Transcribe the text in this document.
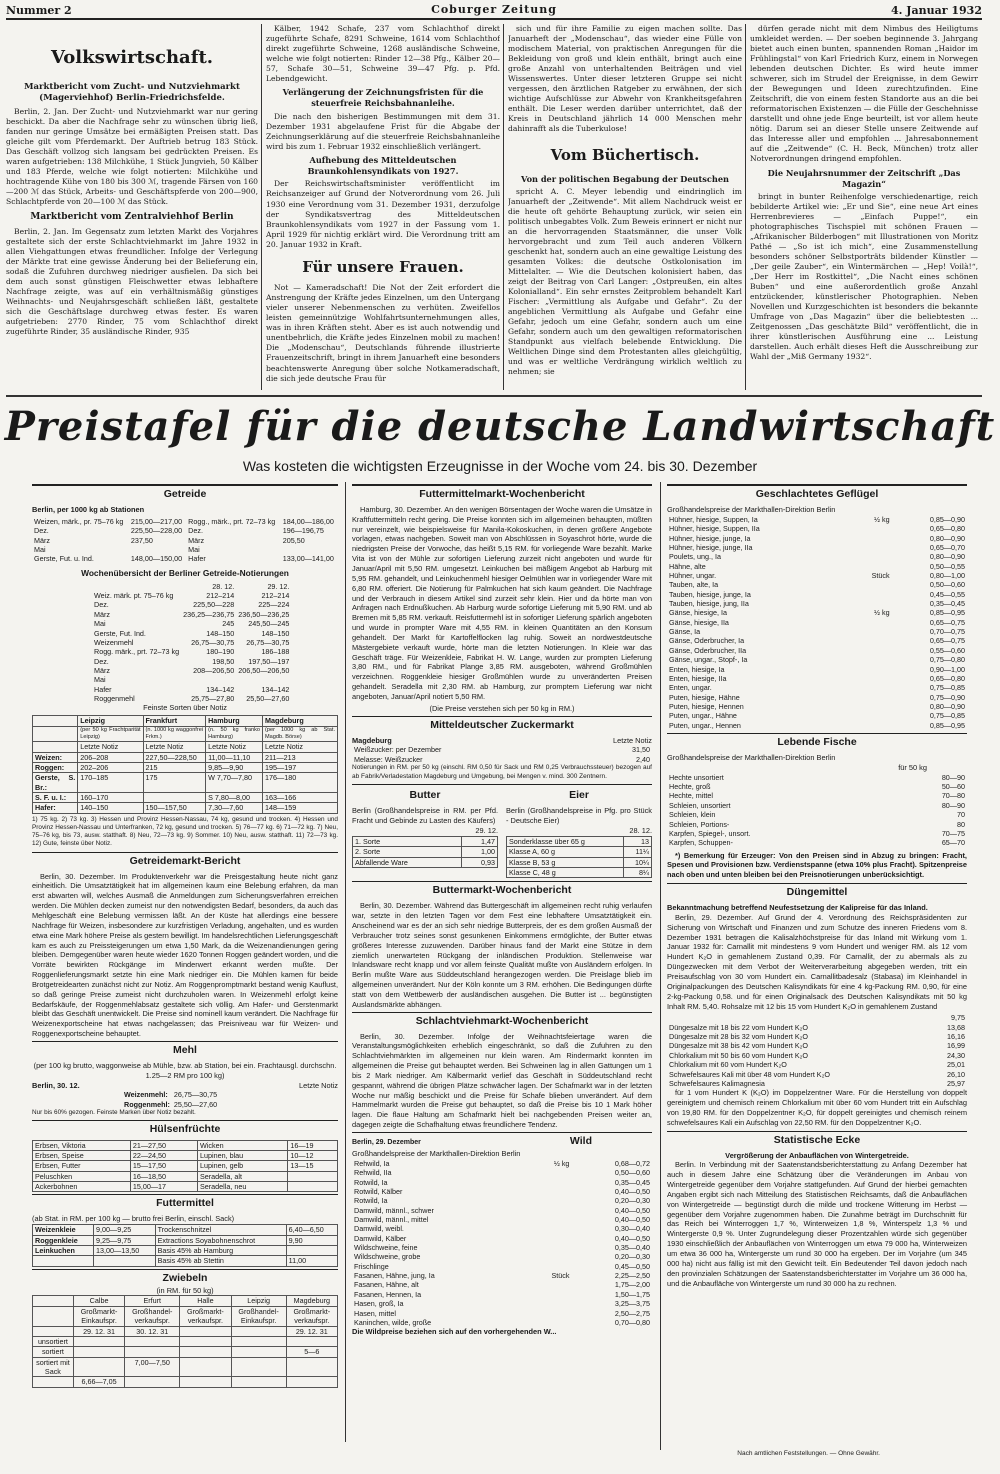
Nummer 2	Coburger Zeitung	4. Januar 1932
Volkswirtschaft.
Marktbericht vom Zucht- und Nutzviehmarkt (Magerviehhof) Berlin-Friedrichsfelde.

Berlin, 2. Jan. Der Zucht- und Nutzviehmarkt war nur gering beschickt. Da aber die Nachfrage sehr zu wünschen übrig ließ, fanden nur geringe Umsätze bei ermäßigten Preisen statt. Das gleiche gilt vom Pferdemarkt. Der Auftrieb betrug 183 Stück. Das Geschäft vollzog sich langsam bei gedrückten Preisen. Es waren aufgetrieben: 138 Milchkühe, 1 Stück Jungvieh, 50 Kälber und 183 Pferde, welche wie folgt notierten: Milchkühe und hochtragende Kühe von 180 bis 300 ℳ, tragende Färsen von 160—200 ℳ das Stück, Arbeits- und Geschäftspferde von 200—900, Schlachtpferde von 20—100 ℳ das Stück.

Marktbericht vom Zentralviehhof Berlin

Berlin, 2. Jan. Im Gegensatz zum letzten Markt des Vorjahres gestaltete sich der erste Schlachtviehmarkt im Jahre 1932 in allen Viehgattungen etwas freundlicher. Infolge der Verlegung der Märkte trat eine gewisse Änderung bei der Belieferung ein, sodaß die Zufuhren durchweg niedriger ausfielen. Da sich bei dem auch sonst günstigen Fleischwetter etwas lebhaftere Nachfrage zeigte, was auf ein verhältnismäßig günstiges Weihnachts- und Neujahrsgeschäft schließen läßt, gestaltete sich die Geschäftslage durchweg etwas fester. Es waren aufgetrieben: 2770 Rinder, 75 vom Schlachthof direkt zugeführte Rinder, 35 ausländische Rinder, 935

Kälber, 1942 Schafe, 237 vom Schlachthof direkt zugeführte Schafe, 8291 Schweine, 1614 vom Schlachthof direkt zugeführte Schweine, 1268 ausländische Schweine, welche wie folgt notierten: Rinder 12—38 Pfg., Kälber 20—57, Schafe 30—51, Schweine 39—47 Pfg. p. Pfd. Lebendgewicht.

Verlängerung der Zeichnungsfristen für die steuerfreie Reichsbahnanleihe.

Die nach den bisherigen Bestimmungen mit dem 31. Dezember 1931 abgelaufene Frist für die Abgabe der Zeichnungserklärung auf die steuerfreie Reichsbahnanleihe wird bis zum 1. Februar 1932 einschließlich verlängert.

Aufhebung des Mitteldeutschen Braunkohlensyndikats von 1927.

Der Reichswirtschaftsminister veröffentlicht im Reichsanzeiger auf Grund der Notverordnung vom 26. Juli 1930 eine Verordnung vom 31. Dezember 1931, derzufolge der Syndikatsvertrag des Mitteldeutschen Braunkohlensyndikats vom 1927 in der Fassung vom 1. April 1929 für nichtig erklärt wird. Die Verordnung tritt am 20. Januar 1932 in Kraft.

Für unsere Frauen.

Not — Kameradschaft! Die Not der Zeit erfordert die Anstrengung der Kräfte jedes Einzelnen, um den Untergang vieler unserer Nebenmenschen zu verhüten. Zweifellos leisten gemeinnützige Wohlfahrtsunternehmungen alles, was in ihren Kräften steht. Aber es ist auch notwendig und unentbehrlich, die Kräfte jedes Einzelnen mobil zu machen! Die „Modenschau“, Deutschlands führende illustrierte Frauenzeitschrift, bringt in ihrem Januarheft eine besonders beachtenswerte Anregung über solche Notkameradschaft, die sich jede deutsche Frau für

sich und für ihre Familie zu eigen machen sollte. Das Januarheft der „Modenschau“, das wieder eine Fülle von modischem Material, von praktischen Anregungen für die Bekleidung von groß und klein enthält, bringt auch eine große Anzahl von unterhaltenden Beiträgen und viel Wissenswertes. Unter dieser letzteren Gruppe sei nicht vergessen, den ärztlichen Ratgeber zu erwähnen, der sich wichtige Aufschlüsse zur Abwehr von Krankheitsgefahren enthält. Die Leser werden darüber unterrichtet, daß der Kreis in Deutschland jährlich 14 000 Menschen mehr dahinrafft als die Tuberkulose!

Vom Büchertisch.
Von der politischen Begabung der Deutschen

spricht A. C. Meyer lebendig und eindringlich im Januarheft der „Zeitwende“. Mit allem Nachdruck weist er die heute oft gehörte Behauptung zurück, wir seien ein politisch unbegabtes Volk. Zum Beweis erinnert er nicht nur an die hervorragenden Staatsmänner, die unser Volk hervorgebracht und zum Teil auch anderen Völkern geschenkt hat, sondern auch an eine gewaltige Leistung des gesamten Volkes: die deutsche Ostkolonisation im Mittelalter. — Wie die Deutschen kolonisiert haben, das zeigt der Beitrag von Carl Langer: „Ostpreußen, ein altes Kolonialland“. Ein sehr ernstes Zeitproblem behandelt Karl Fischer: „Vermittlung als Aufgabe und Gefahr“. Zu der angeblichen Vermittlung als Aufgabe und Gefahr eine Gefahr, jedoch um eine Gefahr, sondern auch um eine Gefahr, sondern auch um den gewaltigen reformatorischen Standpunkt aus vielfach belebende Entwicklung. Die Weltlichen Dinge sind dem Protestanten alles gleichgültig, und was er weltliche Verdrängung wirklich weltlich zu nehmen; sie

dürfen gerade nicht mit dem Nimbus des Heiligtums umkleidet werden. — Der soeben beginnende 3. Jahrgang bietet auch einen bunten, spannenden Roman „Haidor im Frühlingstal“ von Karl Friedrich Kurz, einem in Norwegen lebenden deutschen Dichter. Es wird heute immer schwerer, sich im Strudel der Ereignisse, in dem Gewirr der Bewegungen und Ideen zurechtzufinden. Eine Zeitschrift, die von einem festen Standorte aus an die bei reformatorischen Existenzen — die Fülle der Geschehnisse darstellt und ohne jede Enge beurteilt, ist vor allem heute nötig. Darum sei an dieser Stelle unsere Zeitwende auf das Interesse aller und empfohlen ... Jahresabonnement auf die „Zeitwende“ (C. H. Beck, München) trotz aller Notverordnungen dringend empfohlen.

Die Neujahrsnummer der Zeitschrift „Das Magazin“

bringt in bunter Reihenfolge verschiedenartige, reich bebilderte Artikel wie: „Er und Sie“, eine neue Art eines Herrenbrevieres — „Einfach Puppe!“, ein photographisches Tischspiel mit schönen Frauen — „Afrikanischer Bilderbogen“ mit Illustrationen von Moritz Pathé — „So ist ich mich“, eine Zusammenstellung besonders schöner Selbstporträts bildender Künstler — „Der geile Zauber“, ein Wintermärchen — „Hep! Voilà!“, „Der Herr im Rostkittel“, „Die Nacht eines schönen Buben“ und eine außerordentlich große Anzahl entzückender, künstlerischer Photographien. Neben Novellen und Kurzgeschichten ist besonders die bekannte Umfrage von „Das Magazin“ über die beliebtesten ... Zeitgenossen „Das geschätzte Bild“ veröffentlicht, die in ihrer künstlerischen Ausführung eine ... Leistung darstellen. Auch erhält dieses Heft die Ausschreibung zur Wahl der „Miß Germany 1932“.

Preistafel für die deutsche Landwirtschaft
Was kosteten die wichtigsten Erzeugnisse in der Woche vom 24. bis 30. Dezember
Getreide
Berlin, per 1000 kg ab Stationen
Weizen, märk., pr. 75–76 kg	215,00—217,00	Rogg., märk., prt. 72–73 kg	184,00—186,00
Dez.	225,50—228,00	Dez.	196—196,75
März	237,50	März	205,50
Mai		Mai	
Gerste, Fut. u. Ind.	148,00—150,00	Hafer	133,00—141,00
Wochenübersicht der Berliner Getreide-Notierungen
	28. 12.	29. 12.
Weiz. märk. pt. 75–76 kg	212–214	212–214
Dez.	225,50—228	225—224
März	236,25—236,75	236,50—236,25
Mai	245	245,50—245
Gerste, Fut. Ind.	148–150	148–150
Weizenmehl	26,75—30,75	26,75—30,75
Rogg. märk., prt. 72–73 kg	180–190	186–188
Dez.	198,50	197,50—197
März	208—206,50	206,50—206,50
Mai		
Hafer	134–142	134–142
Roggenmehl	25,75—27,80	25,50—27,60
Feinste Sorten über Notiz
	Leipzig	Frankfurt	Hamburg	Magdeburg
	(per 50 kg Frachtparität Leipzig)	(n. 1000 kg waggonfrei Frkm.)	(n. 50 kg franko Hamburg)	(per 1000 kg ab Stat. Magdb. Börse)
	Letzte Notiz	Letzte Notiz	Letzte Notiz	Letzte Notiz
Weizen:	206–208	227,50—228,50	11,00—11,10	211—213
Roggen:	202–206	215	9,85—9,90	195—197
Gerste, S. Br.:	170–185	175	W 7,70—7,80	176—180
S. F. u. I.:	160–170		S 7,80—8,00	163—166
Hafer:	140–150	150—157,50	7,30—7,60	148—159
1) 75 kg. 2) 73 kg. 3) Hessen und Provinz Hessen-Nassau, 74 kg, gesund und trocken. 4) Hessen und Provinz Hessen-Nassau und Unterfranken, 72 kg, gesund und trocken. 5) 76—77 kg. 6) 71—72 kg. 7) Neu, 75–76 kg, bis 73, ausw. statthaft. 8) Neu, 72—73 kg. 9) Sommer. 10) Neu, ausw. statthaft. 11) 72—73 kg. 12) Gute, feinste über Notiz.
Getreidemarkt-Bericht

Berlin, 30. Dezember. Im Produktenverkehr war die Preisgestaltung heute nicht ganz einheitlich. Die Umsatztätigkeit hat im allgemeinen kaum eine Belebung erfahren, da man erst abwarten will, welches Ausmaß die Anmeldungen zum Sicherungsverfahren erreichen werden. Die Mühlen decken zumeist nur den notwendigsten Bedarf, besonders, da auch das Mehlgeschäft eine Belebung vermissen läßt. An der Küste hat allerdings eine bessere Nachfrage für Weizen, insbesondere zur kurzfristigen Verladung, angehalten, und es wurden etwa eine Mark höhere Preise als gestern bewilligt. Im handelsrechtlichen Lieferungsgeschäft kam es auch zu Preissteigerungen um etwa 1,50 Mark, da die Weizenandienungen gering bleiben. Demgegenüber waren heute wieder 1620 Tonnen Roggen geändert worden, und die Vorräte bewirkten Rückgänge im Minderwert erkannt werden mußte. Der Roggenlieferungsmarkt setzte hin eine Mark niedriger ein. Die Mühlen kamen für beide Brotgetreidearten zunächst nicht zur Notiz. Am Roggenpromptmarkt bestand wenig Kauflust, so daß geringe Preise zumeist nicht durchzuholen waren. In Weizenmehl erfolgt keine Bedarfskäufe, der Roggenmehlabsatz gestaltete sich völlig. Am Hafer- und Gerstenmarkt bleibt das Geschäft unentwickelt. Die Preise sind nominell kaum verändert. Die Nachfrage für Weizenexportscheine hat etwas nachgelassen; das Preisniveau war für Weizen- und Roggenexportscheine behauptet.

Mehl
(per 100 kg brutto, waggonweise ab Mühle, bzw. ab Station, bei ein. Frachtausgl. durchschn. 1.25—2 RM pro 100 kg)
Berlin, 30. 12.	Letzte Notiz
Weizenmehl:	26,75—30,75
Roggenmehl:	25,50—27,60
Nur bis 60% gezogen. Feinste Marken über Notiz bezahlt.
Hülsenfrüchte
Erbsen, Viktoria	21—27,50	Wicken	16—19
Erbsen, Speise	22—24,50	Lupinen, blau	10—12
Erbsen, Futter	15—17,50	Lupinen, gelb	13—15
Peluschken	16—18,50	Seradella, alt	
Ackerbohnen	15,00—17	Seradella, neu	
Futtermittel
(ab Stat. in RM. per 100 kg — brutto frei Berlin, einschl. Sack)
Weizenkleie	9,00—9,25	Trockenschnitzel	6,40—6,50
Roggenkleie	9,25—9,75	Extractions Soyabohnenschrot	9,90
Leinkuchen	13,00—13,50	Basis 45% ab Hamburg	
		Basis 45% ab Stettin	11,00
Zwiebeln
(in RM. für 50 kg)
	Calbe	Erfurt	Halle	Leipzig	Magdeburg
	Großmarkt-Einkaufspr.	Großhandel-verkaufspr.	Großmarkt-verkaufspr.	Großhandel-Einkaufspr.	Großmarkt-verkaufspr.
	29. 12. 31	30. 12. 31			29. 12. 31
unsortiert					
sortiert					5—6
sortiert mit Sack		7,00—7,50			
	6,66—7,05				
Futtermittelmarkt-Wochenbericht

Hamburg, 30. Dezember. An den wenigen Börsentagen der Woche waren die Umsätze in Kraftfuttermitteln recht gering. Die Preise konnten sich im allgemeinen behaupten, müßten nur vereinzelt, wie beispielsweise für Manila-Kokoskuchen, in denen größere Angebote vorlagen, etwas nachgeben. Soweit man von Abschlüssen in Soyaschrot hörte, wurde die niedrigsten Preise der Vorwoche, das heißt 5,15 RM. für vorliegende Ware bezahlt. Marke Vita ist von der Mühle zur sofortigen Lieferung zurzeit nicht angeboten und wurde für Januar/April mit 5,50 RM. umgesetzt. Leinkuchen bei mäßigem Angebot ab Harburg mit 5,95 RM. gehandelt, und Leinkuchenmehl hiesiger Oelmühlen war in vorliegender Ware mit 6,80 RM. offeriert. Die Notierung für Palmkuchen hat sich kaum geändert. Die Nachfrage und der Verbrauch in diesem Artikel sind zurzeit sehr klein. Hier und da hörte man von Anfragen nach Erdnußkuchen. Ab Harburg wurde sofortige Lieferung mit 5,90 RM. und ab Bremen mit 5,85 RM. verkauft. Reisfuttermehl ist in sofortiger Lieferung spärlich angeboten und wurde in prompter Ware mit 4,55 RM. in kleinen Quantitäten an den Konsum gehandelt. Der Markt für Kartoffelflocken lag ruhig. Soweit an nordwestdeutsche Mästergebiete verkauft wurde, hörte man die letzten Notierungen. In Kleie war das Geschäft träge. Für Weizenkleie, Fabrikat H. W. Lange, wurden zur prompten Lieferung 3,80 RM., und für Fabrikat Plange 3,85 RM. ausgeboten, während Großmühlen verzeichnen. Roggenkleie hiesiger Großmühlen wurde zu unveränderten Preisen gehandelt. Seradella mit 2,30 RM. ab Hamburg, zur promptem Lieferung war nicht angeboten, Januar/April notiert 5,50 RM.

(Die Preise verstehen sich per 50 kg in RM.)
Mitteldeutscher Zuckermarkt
Magdeburg	Letzte Notiz
Weißzucker: per Dezember	31,50
Melasse: Weißzucker	2,40
Notierungen in RM. per 50 kg (einschl. RM 0,50 für Sack und RM 0,25 Verbrauchssteuer) bezogen auf ab Fabrik/Verladestation Magdeburg und Umgebung, bei Mengen v. mind. 300 Zentnern.
Butter
Berlin (Großhandelspreise in RM. per Pfd. Fracht und Gebinde zu Lasten des Käufers)
29. 12.
1. Sorte	1,47
2. Sorte	1,00
Abfallende Ware	0,93
Eier
Berlin (Großhandelspreise in Pfg. pro Stück - Deutsche Eier)
28. 12.
Sonderklasse über 65 g	13
Klasse A, 60 g	11¼
Klasse B, 53 g	10¼
Klasse C, 48 g	8¼
Buttermarkt-Wochenbericht

Berlin, 30. Dezember. Während das Buttergeschäft im allgemeinen recht ruhig verlaufen war, setzte in den letzten Tagen vor dem Fest eine lebhaftere Umsatztätigkeit ein. Anscheinend war es der an sich sehr niedrige Butterpreis, der es dem großen Ausmaß der Verbraucher trotz seines sonst gesunkenen Einkommens ermöglichte, der Butter etwas größeres Interesse zuzuwenden. Darüber hinaus fand der Markt eine Stütze in dem ziemlich unerwarteten Rückgang der inländischen Produktion. Stellenweise war Inlandsware recht knapp und vor allem feinste Qualität mußte von Ausländern erfolgen. In Berlin mußte Ware aus Süddeutschland herangezogen werden. Die Preislage blieb im allgemeinen unverändert. Nur der Köln konnte um 3 RM. erhöhen. Die Bedingungen dürfte statt von dem Wettbewerb der ausländischen ausgehen. Die Butter ist ... begünstigten Auslandsmärkte abhängen.

Schlachtviehmarkt-Wochenbericht

Berlin, 30. Dezember. Infolge der Weihnachtsfeiertage waren die Veranstaltungsmöglichkeiten erheblich eingeschränkt, so daß die Zufuhren zu den Schlachtviehmärkten im allgemeinen nur klein waren. Am Rindermarkt konnten im allgemeinen die Preise gut behauptet werden. Bei Schweinen lag in allen Gattungen um 1 bis 2 Mark niedriger. Am Kälbermarkt verlief das Geschäft in Süddeutschland recht gespannt, während die übrigen Plätze schwächer lagen. Der Schafmarkt war in der letzten Woche nur mäßig beschickt und die Preise für Schafe blieben unverändert. Auf dem Hammelmarkt wurden die Preise gut behauptet, so daß die Preise bis 10 1 Mark höher lagen. Die flaue Haltung am Schafmarkt hielt bei nachgebenden Preisen weiter an, dagegen zeigte die Schafhaltung etwas freundlichere Tendenz.

Berlin, 29. Dezember	Wild
Großhandelspreise der Markthallen-Direktion Berlin
Rehwild, Ia	½ kg	0,68—0,72
Rehwild, IIa		0,50—0,60
Rotwild, Ia		0,35—0,45
Rotwild, Kälber		0,40—0,50
Rotwild, Ia		0,20—0,30
Damwild, männl., schwer		0,40—0,50
Damwild, männl., mittel		0,40—0,50
Damwild, weibl.		0,30—0,40
Damwild, Kälber		0,40—0,50
Wildschweine, feine		0,35—0,40
Wildschweine, grobe		0,20—0,30
Frischlinge		0,45—0,50
Fasanen, Hähne, jung, Ia	Stück	2,25—2,50
Fasanen, Hähne, alt		1,75—2,00
Fasanen, Hennen, Ia		1,50—1,75
Hasen, groß, Ia		3,25—3,75
Hasen, mittel		2,50—2,75
Kaninchen, wilde, große		0,70—0,80
Die Wildpreise beziehen sich auf den vorhergehenden W...
Geschlachtetes Geflügel
Großhandelspreise der Markthallen-Direktion Berlin
Hühner, hiesige, Suppen, Ia	½ kg	0,85—0,90
Hühner, hiesige, Suppen, IIa		0,65—0,80
Hühner, hiesige, junge, Ia		0,80—0,90
Hühner, hiesige, junge, IIa		0,65—0,70
Poulets, ung., Ia		0,80—0,90
Hähne, alte		0,50—0,55
Hühner, ungar.	Stück	0,80—1,00
Tauben, alte, Ia		0,50—0,60
Tauben, hiesige, junge, Ia		0,45—0,55
Tauben, hiesige, jung, IIa		0,35—0,45
Gänse, hiesige, Ia	½ kg	0,85—0,95
Gänse, hiesige, IIa		0,65—0,75
Gänse, Ia		0,70—0,75
Gänse, Oderbrucher, Ia		0,65—0,75
Gänse, Oderbrucher, IIa		0,55—0,60
Gänse, ungar., Stopf-, Ia		0,75—0,80
Enten, hiesige, Ia		0,90—1,00
Enten, hiesige, IIa		0,65—0,80
Enten, ungar.		0,75—0,85
Puten, hiesige, Hähne		0,75—0,90
Puten, hiesige, Hennen		0,80—0,90
Puten, ungar., Hähne		0,75—0,85
Puten, ungar., Hennen		0,85—0,95
Lebende Fische
Großhandelspreise der Markthallen-Direktion Berlin
für 50 kg
Hechte unsortiert	80—90
Hechte, groß	50—60
Hechte, mittel	70—80
Schleien, unsortiert	80—90
Schleien, klein	70
Schleien, Portions-	80
Karpfen, Spiegel-, unsort.	70—75
Karpfen, Schuppen-	65—70

*) Bemerkung für Erzeuger: Von den Preisen sind in Abzug zu bringen: Fracht, Spesen und Provisionen bzw. Verdienstspanne (etwa 10% plus Fracht). Spitzenpreise nach oben und unten bleiben bei den Preisnotierungen unberücksichtigt.

Düngemittel
Bekanntmachung betreffend Neufestsetzung der Kalipreise für das Inland.

Berlin, 29. Dezember. Auf Grund der 4. Verordnung des Reichspräsidenten zur Sicherung von Wirtschaft und Finanzen und zum Schutze des inneren Friedens vom 8. Dezember 1931 betragen die Kalisalzhöchstpreise für das Inland mit Wirkung vom 1. Januar 1932 für: Carnallit mit mindestens 9 vom Hundert und weniger RM. als 12 vom Hundert K₂O in gemahlenem Zustand 0,39. Für Carnallit, der zu abermals als zu Düngezwecken mit dem Verbot der Weiterverarbeitung abgegeben werden, tritt ein Preisaufschlag von 30 vom Hundert ein. Carnallitbadesalz (Stabasa) im Kleinhandel in Originalpackungen des Deutschen Kalisyndikats für eine 4 kg-Packung RM. 0,90, für eine 2-kg-Packung 0,58. und für einen Originalsack des Deutschen Kalisyndikats mit 50 kg Inhalt RM. 5,40. Rohsalze mit 12 bis 15 vom Hundert K₂O in gemahlenem Zustand

	9,75
Düngesalze mit 18 bis 22 vom Hundert K₂O	13,68
Düngesalze mit 28 bis 32 vom Hundert K₂O	16,16
Düngesalze mit 38 bis 42 vom Hundert K₂O	16,99
Chlorkalium mit 50 bis 60 vom Hundert K₂O	24,30
Chlorkalium mit 60 vom Hundert K₂O	25,01
Schwefelsaures Kali mit über 48 vom Hundert K₂O	26,10
Schwefelsaures Kalimagnesia	25,97

für 1 vom Hundert K (K₂O) im Doppelzentner Ware. Für die Herstellung von doppelt gereinigtem und chemisch reinem Chlorkalium mit über 60 vom Hundert tritt ein Aufschlag von 19,80 RM. für den Doppelzentner K₂O, für doppelt gereinigtes und chemisch reinem schwefelsaures Kali ein Aufschlag von 22,50 RM. für den Doppelzentner K₂O.

Statistische Ecke
Vergrößerung der Anbauflächen von Wintergetreide.

Berlin. In Verbindung mit der Saatenstandsberichterstattung zu Anfang Dezember hat auch in diesem Jahre eine Schätzung über die Veränderungen im Anbau von Wintergetreide gegenüber dem Vorjahre stattgefunden. Auf Grund der hierbei gemachten Angaben ergibt sich nach Mitteilung des Statistischen Reichsamts, daß die Anbauflächen von Wintergetreide — begünstigt durch die milde und trockene Witterung im Herbst — gegenüber dem Vorjahre zugenommen haben. Die Zunahme beträgt im Durchschnitt für das Reich bei Winterroggen 1,7 %, Winterweizen 1,8 %, Winterspelz 1,3 % und Wintergerste 0,9 %. Unter Zugrundelegung dieser Prozentzahlen würde sich gegenüber 1930 einschließlich der Anbauflächen von Winterroggen um etwa 79 000 ha, Winterweizen um etwa 36 000 ha, Wintergerste um rund 30 000 ha ergeben. Der im Vorjahre (um 345 000 ha) nicht aus fällig ist mit den Gewicht teilt. Ein Bedeutender Teil davon jedoch nach den provinzialen Schätzungen der Saatenstandsberichterstatter im Vorjahre um 36 000 ha, und die Anbaufläche von Wintergerste um rund 30 000 ha zu rechnen.

Nach amtlichen Feststellungen. — Ohne Gewähr.
